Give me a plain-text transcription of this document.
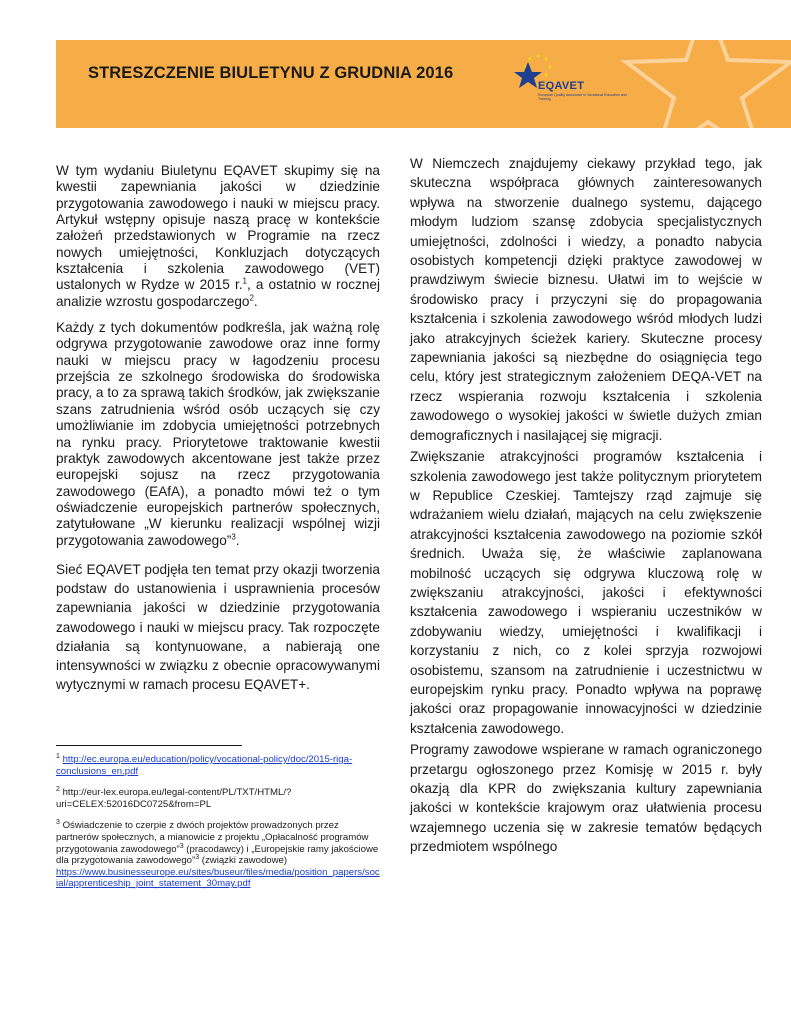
STRESZCZENIE BIULETYNU Z GRUDNIA 2016
EQAVET
European Quality Assurance in Vocational Education and Training

W tym wydaniu Biuletynu EQAVET skupimy się na kwestii zapewniania jakości w dziedzinie przygotowania zawodowego i nauki w miejscu pracy. Artykuł wstępny opisuje naszą pracę w kontekście założeń przedstawionych w Programie na rzecz nowych umiejętności, Konkluzjach dotyczących kształcenia i szkolenia zawodowego (VET) ustalonych w Rydze w 2015 r.$^1$, a ostatnio w rocznej analizie wzrostu gospodarczego$^2$.

Każdy z tych dokumentów podkreśla, jak ważną rolę odgrywa przygotowanie zawodowe oraz inne formy nauki w miejscu pracy w łagodzeniu procesu przejścia ze szkolnego środowiska do środowiska pracy, a to za sprawą takich środków, jak zwiększanie szans zatrudnienia wśród osób uczących się czy umożliwianie im zdobycia umiejętności potrzebnych na rynku pracy. Priorytetowe traktowanie kwestii praktyk zawodowych akcentowane jest także przez europejski sojusz na rzecz przygotowania zawodowego (EAfA), a ponadto mówi też o tym oświadczenie europejskich partnerów społecznych, zatytułowane „W kierunku realizacji wspólnej wizji przygotowania zawodowego”$^3$.

Sieć EQAVET podjęła ten temat przy okazji tworzenia podstaw do ustanowienia i usprawnienia procesów zapewniania jakości w dziedzinie przygotowania zawodowego i nauki w miejscu pracy. Tak rozpoczęte działania są kontynuowane, a nabierają one intensywności w związku z obecnie opracowywanymi wytycznymi w ramach procesu EQAVET+.

$^1$ http://ec.europa.eu/education/policy/vocational-policy/doc/2015-riga-conclusions_en.pdf

$^2$ http://eur-lex.europa.eu/legal-content/PL/TXT/HTML/?uri=CELEX:52016DC0725&from=PL

$^3$ Oświadczenie to czerpie z dwóch projektów prowadzonych przez partnerów społecznych, a mianowicie z projektu „Opłacalność programów przygotowania zawodowego”$^3$ (pracodawcy) i „Europejskie ramy jakościowe dla przygotowania zawodowego”$^3$ (związki zawodowe)
https://www.businesseurope.eu/sites/buseur/files/media/position_papers/social/apprenticeship_joint_statement_30may.pdf

W Niemczech znajdujemy ciekawy przykład tego, jak skuteczna współpraca głównych zainteresowanych wpływa na stworzenie dualnego systemu, dającego młodym ludziom szansę zdobycia specjalistycznych umiejętności, zdolności i wiedzy, a ponadto nabycia osobistych kompetencji dzięki praktyce zawodowej w prawdziwym świecie biznesu. Ułatwi im to wejście w środowisko pracy i przyczyni się do propagowania kształcenia i szkolenia zawodowego wśród młodych ludzi jako atrakcyjnych ścieżek kariery. Skuteczne procesy zapewniania jakości są niezbędne do osiągnięcia tego celu, który jest strategicznym założeniem DEQA-VET na rzecz wspierania rozwoju kształcenia i szkolenia zawodowego o wysokiej jakości w świetle dużych zmian demograficznych i nasilającej się migracji.

Zwiększanie atrakcyjności programów kształcenia i szkolenia zawodowego jest także politycznym priorytetem w Republice Czeskiej. Tamtejszy rząd zajmuje się wdrażaniem wielu działań, mających na celu zwiększenie atrakcyjności kształcenia zawodowego na poziomie szkół średnich. Uważa się, że właściwie zaplanowana mobilność uczących się odgrywa kluczową rolę w zwiększaniu atrakcyjności, jakości i efektywności kształcenia zawodowego i wspieraniu uczestników w zdobywaniu wiedzy, umiejętności i kwalifikacji i korzystaniu z nich, co z kolei sprzyja rozwojowi osobistemu, szansom na zatrudnienie i uczestnictwu w europejskim rynku pracy. Ponadto wpływa na poprawę jakości oraz propagowanie innowacyjności w dziedzinie kształcenia zawodowego.

Programy zawodowe wspierane w ramach ograniczonego przetargu ogłoszonego przez Komisję w 2015 r. były okazją dla KPR do zwiększania kultury zapewniania jakości w kontekście krajowym oraz ułatwienia procesu wzajemnego uczenia się w zakresie tematów będących przedmiotem wspólnego
